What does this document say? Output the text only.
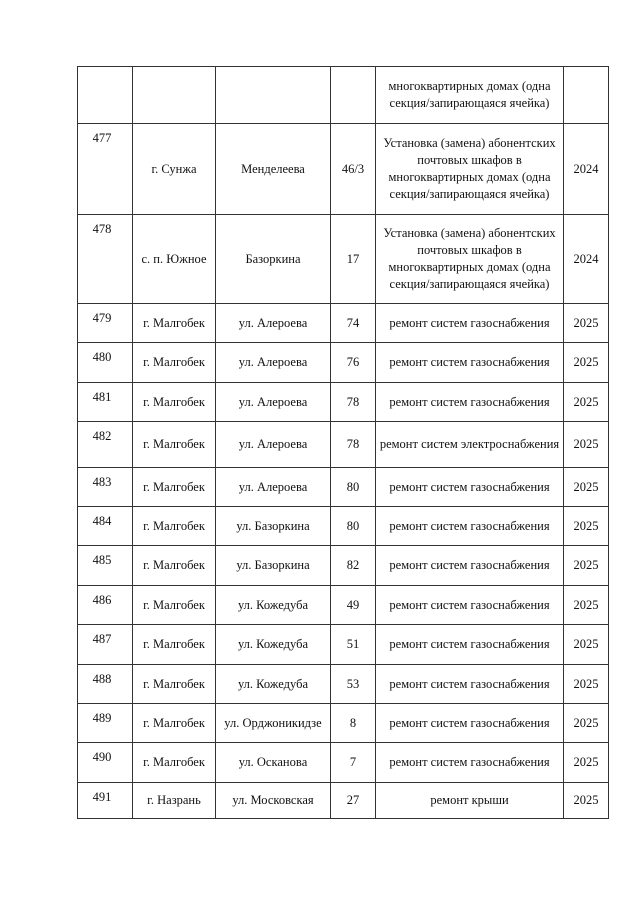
				многоквартирных домах (одна секция/запирающаяся ячейка)	
477	г. Сунжа	Менделеева	46/3	Установка (замена) абонентских почтовых шкафов в многоквартирных домах (одна секция/запирающаяся ячейка)	2024
478	с. п. Южное	Базоркина	17	Установка (замена) абонентских почтовых шкафов в многоквартирных домах (одна секция/запирающаяся ячейка)	2024
479	г. Малгобек	ул. Алероева	74	ремонт систем газоснабжения	2025
480	г. Малгобек	ул. Алероева	76	ремонт систем газоснабжения	2025
481	г. Малгобек	ул. Алероева	78	ремонт систем газоснабжения	2025
482	г. Малгобек	ул. Алероева	78	ремонт систем электроснабжения	2025
483	г. Малгобек	ул. Алероева	80	ремонт систем газоснабжения	2025
484	г. Малгобек	ул. Базоркина	80	ремонт систем газоснабжения	2025
485	г. Малгобек	ул. Базоркина	82	ремонт систем газоснабжения	2025
486	г. Малгобек	ул. Кожедуба	49	ремонт систем газоснабжения	2025
487	г. Малгобек	ул. Кожедуба	51	ремонт систем газоснабжения	2025
488	г. Малгобек	ул. Кожедуба	53	ремонт систем газоснабжения	2025
489	г. Малгобек	ул. Орджоникидзе	8	ремонт систем газоснабжения	2025
490	г. Малгобек	ул. Оскановa	7	ремонт систем газоснабжения	2025
491	г. Назрань	ул. Московская	27	ремонт крыши	2025
